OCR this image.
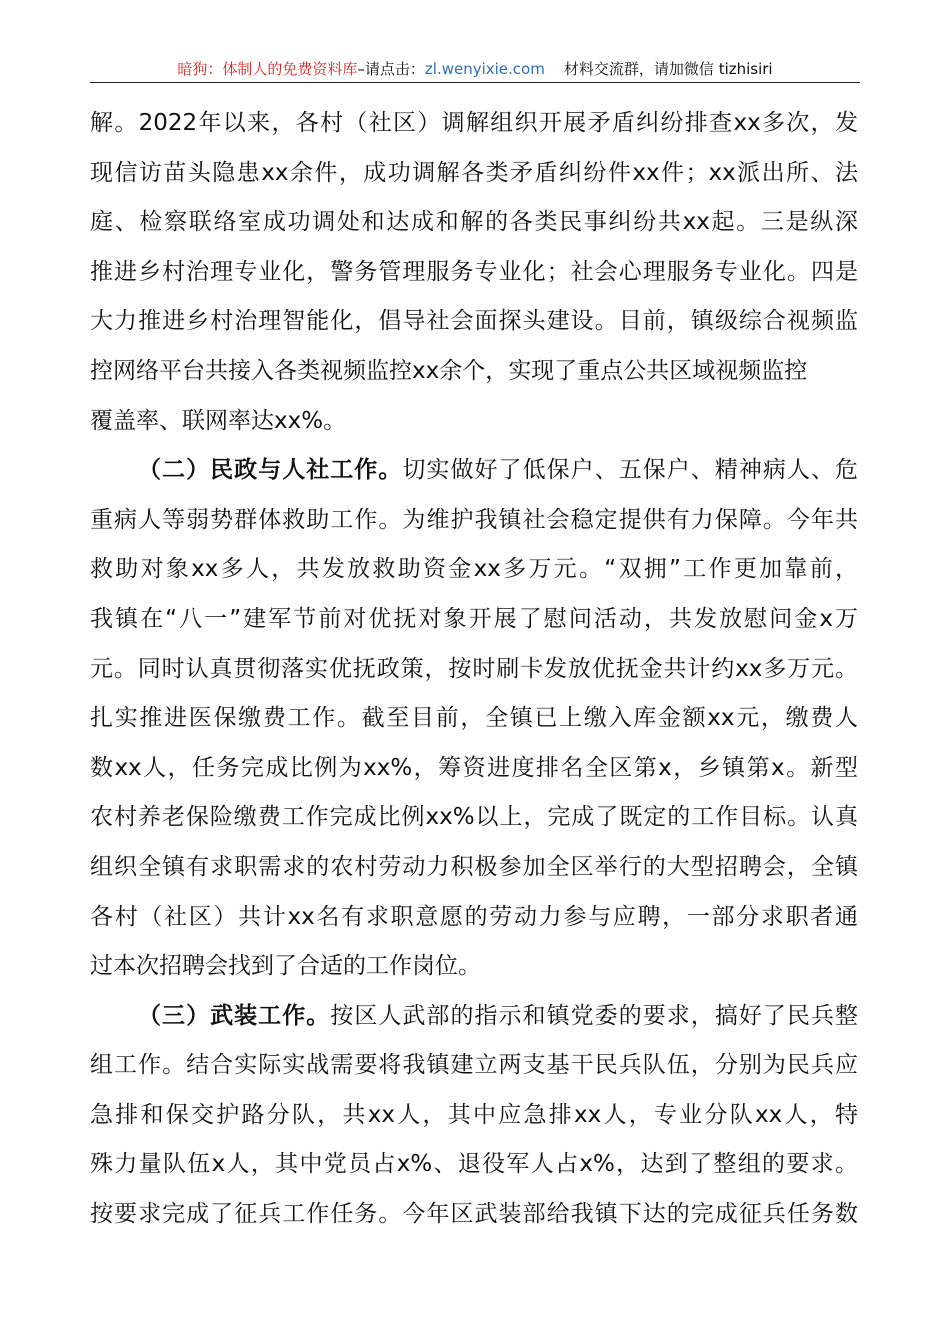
暗狗：体制人的免费资料库–请点击：zl.wenyixie.com 材料交流群，请加微信 tizhisiri
解。2022年以来，各村（社区）调解组织开展矛盾纠纷排查xx多次，发
现信访苗头隐患xx余件，成功调解各类矛盾纠纷件xx件；xx派出所、法
庭、检察联络室成功调处和达成和解的各类民事纠纷共xx起。三是纵深
推进乡村治理专业化，警务管理服务专业化；社会心理服务专业化。四是
大力推进乡村治理智能化，倡导社会面探头建设。目前，镇级综合视频监
控网络平台共接入各类视频监控xx余个，实现了重点公共区域视频监控
覆盖率、联网率达xx%。
（二）民政与人社工作。切实做好了低保户、五保户、精神病人、危
重病人等弱势群体救助工作。为维护我镇社会稳定提供有力保障。今年共
救助对象xx多人，共发放救助资金xx多万元。“双拥”工作更加靠前，
我镇在“八一”建军节前对优抚对象开展了慰问活动，共发放慰问金x万
元。同时认真贯彻落实优抚政策，按时刷卡发放优抚金共计约xx多万元。
扎实推进医保缴费工作。截至目前，全镇已上缴入库金额xx元，缴费人
数xx人，任务完成比例为xx%，筹资进度排名全区第x，乡镇第x。新型
农村养老保险缴费工作完成比例xx%以上，完成了既定的工作目标。认真
组织全镇有求职需求的农村劳动力积极参加全区举行的大型招聘会，全镇
各村（社区）共计xx名有求职意愿的劳动力参与应聘，一部分求职者通
过本次招聘会找到了合适的工作岗位。
（三）武装工作。按区人武部的指示和镇党委的要求，搞好了民兵整
组工作。结合实际实战需要将我镇建立两支基干民兵队伍，分别为民兵应
急排和保交护路分队，共xx人，其中应急排xx人，专业分队xx人，特
殊力量队伍x人，其中党员占x%、退役军人占x%，达到了整组的要求。
按要求完成了征兵工作任务。今年区武装部给我镇下达的完成征兵任务数
